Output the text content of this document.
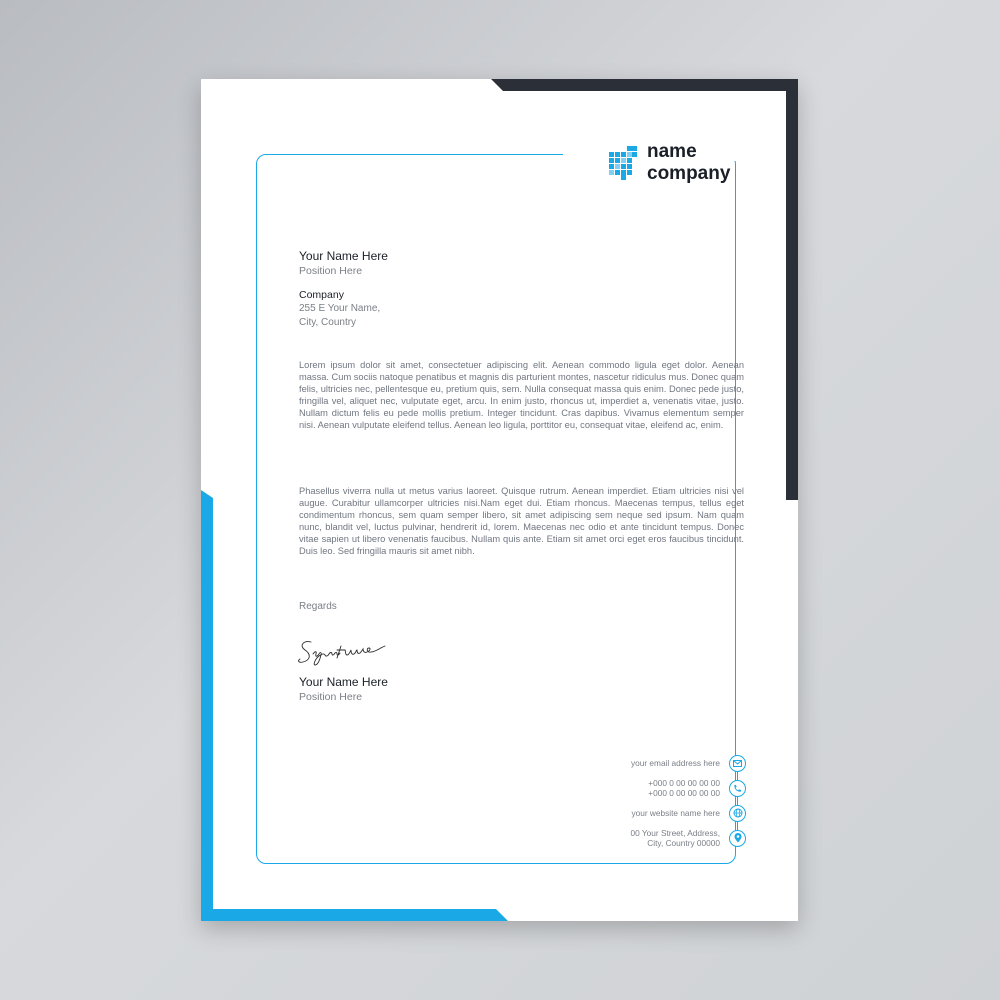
name
company
Your Name Here
Position Here
Company
255 E Your Name,
City, Country
Lorem ipsum dolor sit amet, consectetuer adipiscing elit. Aenean commodo ligula eget dolor. Aenean massa. Cum sociis natoque penatibus et magnis dis parturient montes, nascetur ridiculus mus. Donec quam felis, ultricies nec, pellentesque eu, pretium quis, sem. Nulla consequat massa quis enim. Donec pede justo, fringilla vel, aliquet nec, vulputate eget, arcu. In enim justo, rhoncus ut, imperdiet a, venenatis vitae, justo. Nullam dictum felis eu pede mollis pretium. Integer tincidunt. Cras dapibus. Vivamus elementum semper nisi. Aenean vulputate eleifend tellus. Aenean leo ligula, porttitor eu, consequat vitae, eleifend ac, enim.
Phasellus viverra nulla ut metus varius laoreet. Quisque rutrum. Aenean imperdiet. Etiam ultricies nisi vel augue. Curabitur ullamcorper ultricies nisi.Nam eget dui. Etiam rhoncus. Maecenas tempus, tellus eget condimentum rhoncus, sem quam semper libero, sit amet adipiscing sem neque sed ipsum. Nam quam nunc, blandit vel, luctus pulvinar, hendrerit id, lorem. Maecenas nec odio et ante tincidunt tempus. Donec vitae sapien ut libero venenatis faucibus. Nullam quis ante. Etiam sit amet orci eget eros faucibus tincidunt. Duis leo. Sed fringilla mauris sit amet nibh.
Regards
Your Name Here
Position Here
your email address here
+000 0 00 00 00 00
+000 0 00 00 00 00
your website name here
00 Your Street, Address,
City, Country 00000
